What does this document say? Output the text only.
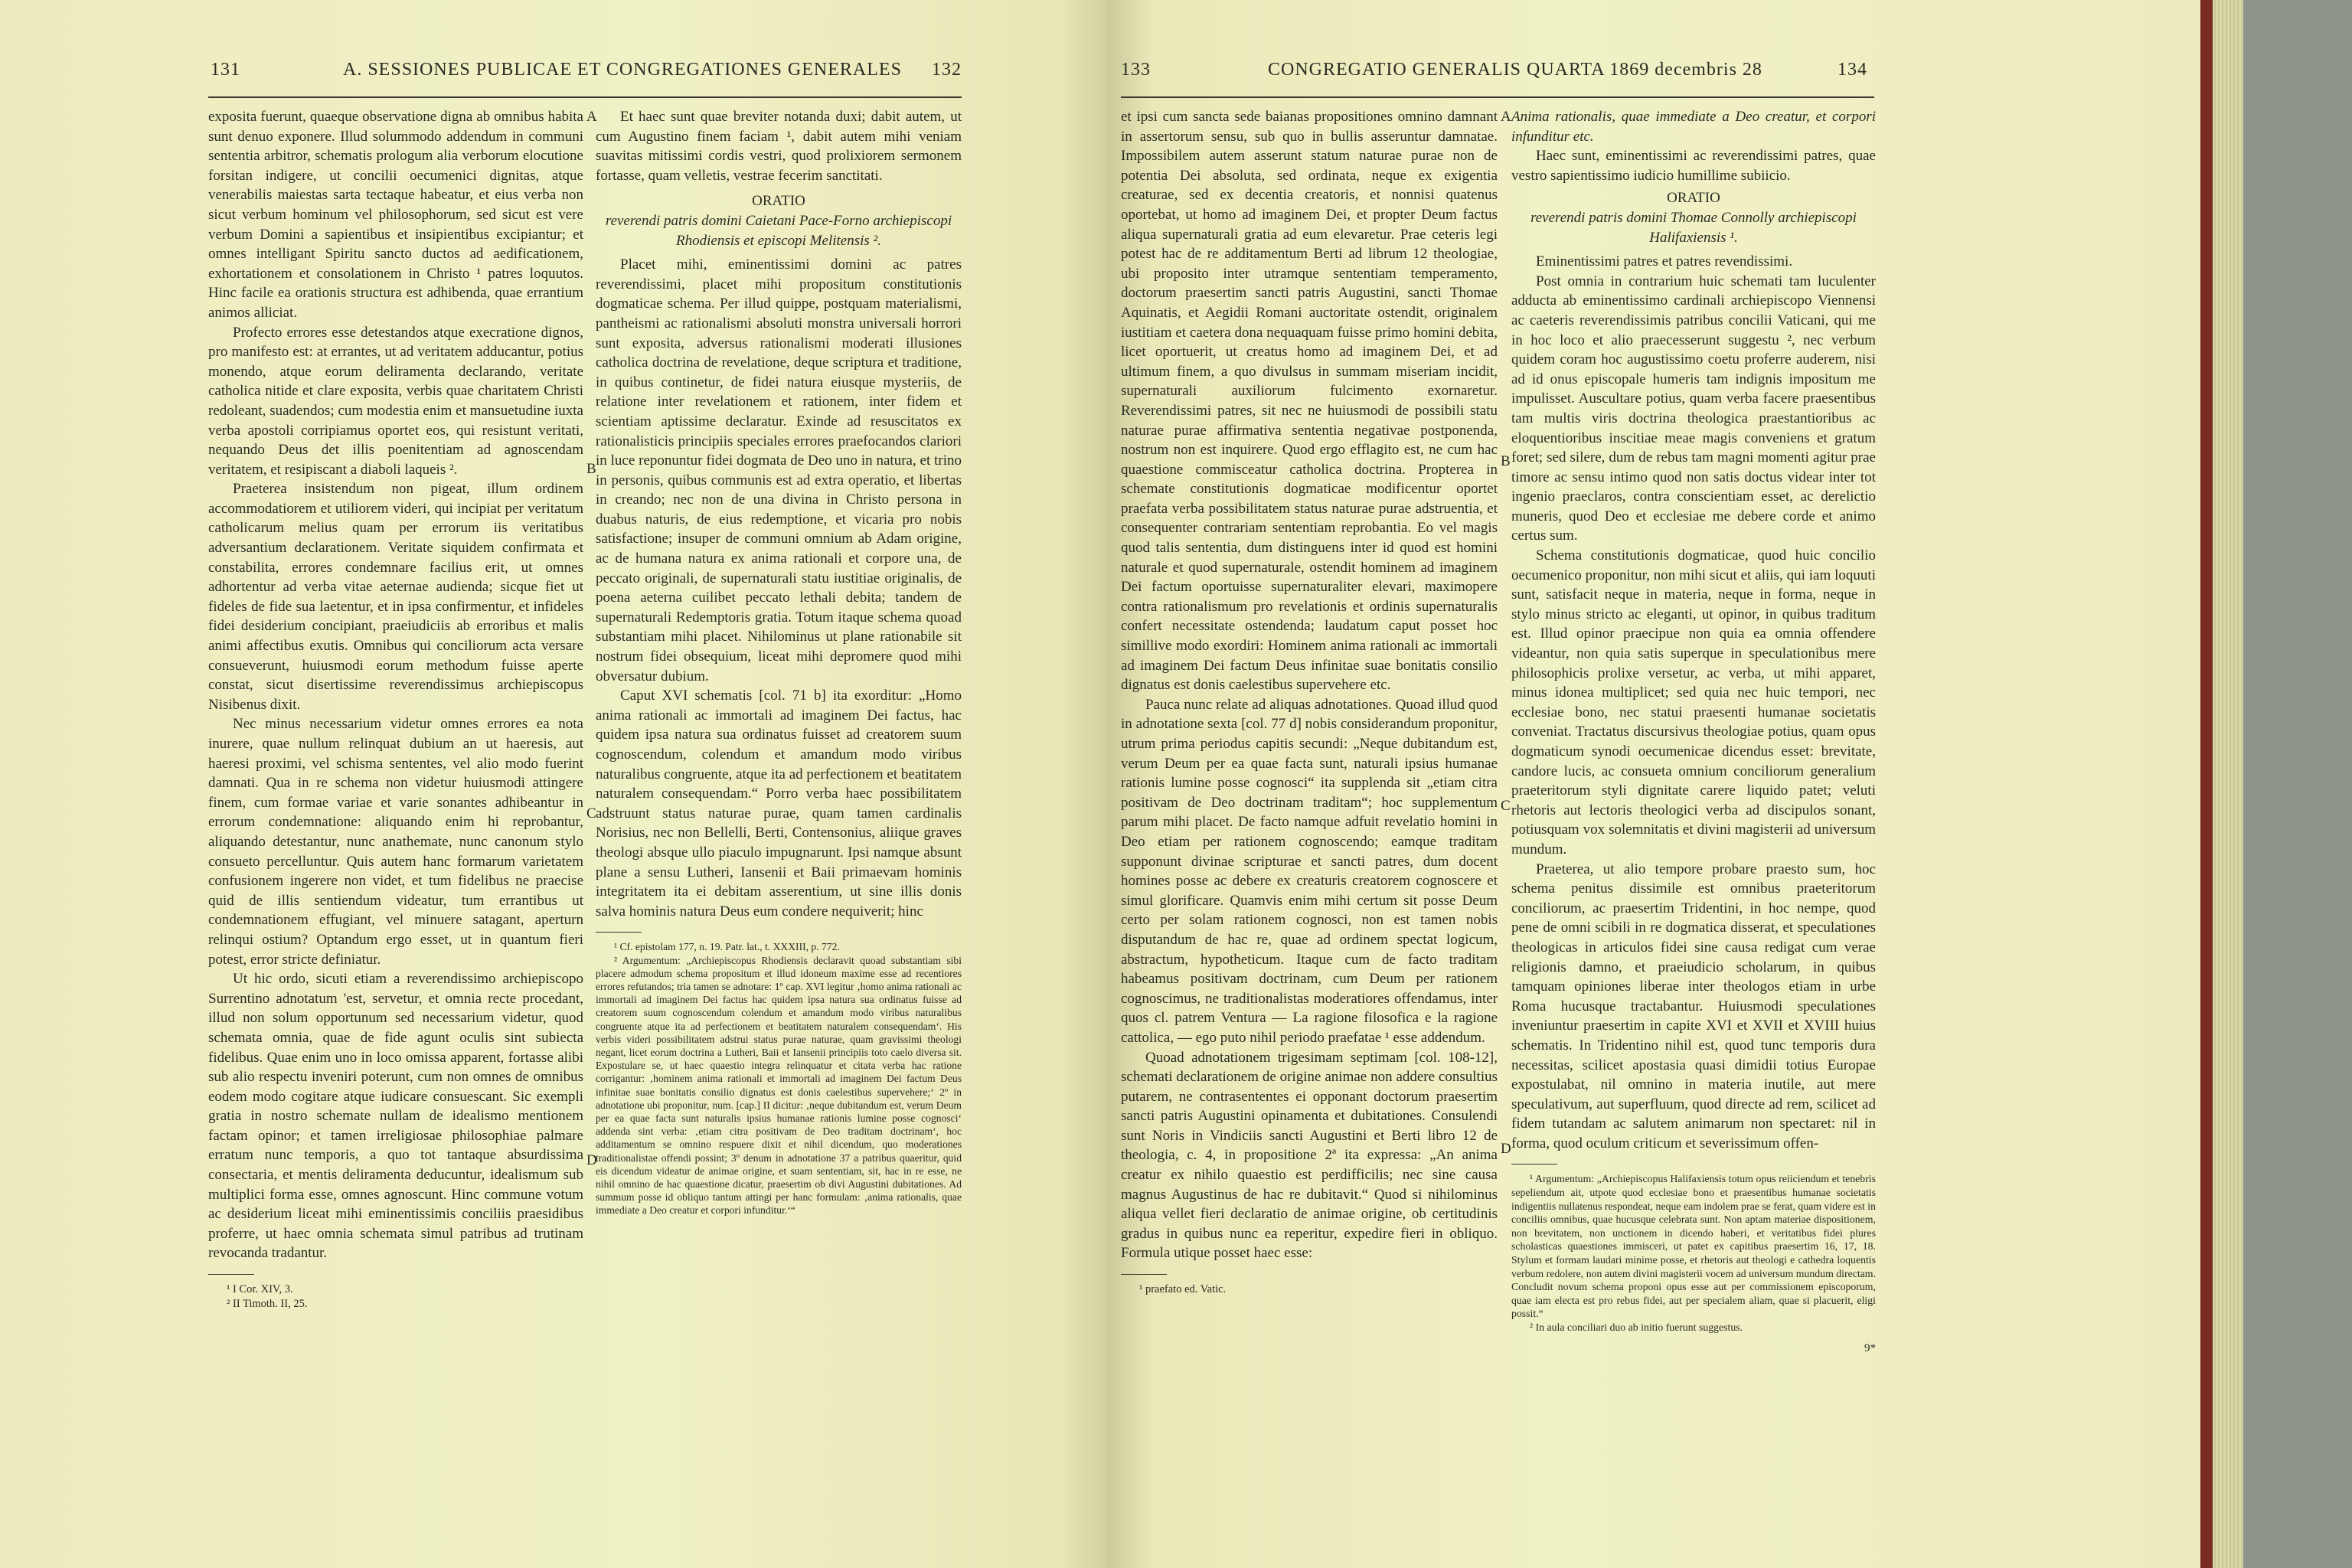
131	A. SESSIONES PUBLICAE ET CONGREGATIONES GENERALES 132

exposita fuerunt, quaeque observatione digna ab omnibus habita sunt denuo exponere. Illud solummodo addendum in communi sententia arbitror, schematis prologum alia verborum elocutione forsitan indigere, ut concilii oecumenici dignitas, atque venerabilis maiestas sarta tectaque habeatur, et eius verba non sicut verbum hominum vel philosophorum, sed sicut est vere verbum Domini a sapientibus et insipientibus excipiantur; et omnes intelligant Spiritu sancto ductos ad aedificationem, exhortationem et consolationem in Christo ¹ patres loquutos. Hinc facile ea orationis structura est adhibenda, quae errantium animos alliciat.

Profecto errores esse detestandos atque execratione dignos, pro manifesto est: at errantes, ut ad veritatem adducantur, potius monendo, atque eorum deliramenta declarando, veritate catholica nitide et clare exposita, verbis quae charitatem Christi redoleant, suadendos; cum modestia enim et mansuetudine iuxta verba apostoli corripiamus oportet eos, qui resistunt veritati, nequando Deus det illis poenitentiam ad agnoscendam veritatem, et resipiscant a diaboli laqueis ².

Praeterea insistendum non pigeat, illum ordinem accommodatiorem et utiliorem videri, qui incipiat per veritatum catholicarum melius quam per errorum iis veritatibus adversantium declarationem. Veritate siquidem confirmata et constabilita, errores condemnare facilius erit, ut omnes adhortentur ad verba vitae aeternae audienda; sicque fiet ut fideles de fide sua laetentur, et in ipsa confirmentur, et infideles fidei desiderium concipiant, praeiudiciis ab erroribus et malis animi affectibus exutis. Omnibus qui conciliorum acta versare consueverunt, huiusmodi eorum methodum fuisse aperte constat, sicut disertissime reverendissimus archiepiscopus Nisibenus dixit.

Nec minus necessarium videtur omnes errores ea nota inurere, quae nullum relinquat dubium an ut haeresis, aut haeresi proximi, vel schisma sententes, vel alio modo fuerint damnati. Qua in re schema non videtur huiusmodi attingere finem, cum formae variae et varie sonantes adhibeantur in errorum condemnatione: aliquando enim hi reprobantur, aliquando detestantur, nunc anathemate, nunc canonum stylo consueto percelluntur. Quis autem hanc formarum varietatem confusionem ingerere non videt, et tum fidelibus ne praecise quid de illis sentiendum videatur, tum errantibus ut condemnationem effugiant, vel minuere satagant, aperturn relinqui ostium? Optandum ergo esset, ut in quantum fieri potest, error stricte definiatur.

Ut hic ordo, sicuti etiam a reverendissimo archiepiscopo Surrentino adnotatum 'est, servetur, et omnia recte procedant, illud non solum opportunum sed necessarium videtur, quod schemata omnia, quae de fide agunt oculis sint subiecta fidelibus. Quae enim uno in loco omissa apparent, fortasse alibi sub alio respectu inveniri poterunt, cum non omnes de omnibus eodem modo cogitare atque iudicare consuescant. Sic exempli gratia in nostro schemate nullam de idealismo mentionem factam opinor; et tamen irreligiosae philosophiae palmare erratum nunc temporis, a quo tot tantaque absurdissima consectaria, et mentis deliramenta deducuntur, idealismum sub multiplici forma esse, omnes agnoscunt. Hinc commune votum ac desiderium liceat mihi eminentissimis conciliis praesidibus proferre, ut haec omnia schemata simul patribus ad trutinam revocanda tradantur.

¹ I Cor. XIV, 3.

² II Timoth. II, 25.

A
B
C
D

Et haec sunt quae breviter notanda duxi; dabit autem, ut cum Augustino finem faciam ¹, dabit autem mihi veniam suavitas mitissimi cordis vestri, quod prolixiorem sermonem fortasse, quam velletis, vestrae fecerim sanctitati.

ORATIO

reverendi patris domini Caietani Pace-Forno archiepiscopi Rhodiensis et episcopi Melitensis ².

Placet mihi, eminentissimi domini ac patres reverendissimi, placet mihi propositum constitutionis dogmaticae schema. Per illud quippe, postquam materialismi, pantheismi ac rationalismi absoluti monstra universali horrori sunt exposita, adversus rationalismi moderati illusiones catholica doctrina de revelatione, deque scriptura et traditione, in quibus continetur, de fidei natura eiusque mysteriis, de relatione inter revelationem et rationem, inter fidem et scientiam aptissime declaratur. Exinde ad resuscitatos ex rationalisticis principiis speciales errores praefocandos clariori in luce reponuntur fidei dogmata de Deo uno in natura, et trino in personis, quibus communis est ad extra operatio, et libertas in creando; nec non de una divina in Christo persona in duabus naturis, de eius redemptione, et vicaria pro nobis satisfactione; insuper de communi omnium ab Adam origine, ac de humana natura ex anima rationali et corpore una, de peccato originali, de supernaturali statu iustitiae originalis, de poena aeterna cuilibet peccato lethali debita; tandem de supernaturali Redemptoris gratia. Totum itaque schema quoad substantiam mihi placet. Nihilominus ut plane rationabile sit nostrum fidei obsequium, liceat mihi depromere quod mihi obversatur dubium.

Caput XVI schematis [col. 71 b] ita exorditur: „Homo anima rationali ac immortali ad imaginem Dei factus, hac quidem ipsa natura sua ordinatus fuisset ad creatorem suum cognoscendum, colendum et amandum modo viribus naturalibus congruente, atque ita ad perfectionem et beatitatem naturalem consequendam.“ Porro verba haec possibilitatem adstruunt status naturae purae, quam tamen cardinalis Norisius, nec non Bellelli, Berti, Contensonius, aliique graves theologi absque ullo piaculo impugnarunt. Ipsi namque absunt plane a sensu Lutheri, Iansenii et Baii primaevam hominis integritatem ita ei debitam asserentium, ut sine illis donis salva hominis natura Deus eum condere nequiverit; hinc

¹ Cf. epistolam 177, n. 19. Patr. lat., t. XXXIII, p. 772.

² Argumentum: „Archiepiscopus Rhodiensis declaravit quoad substantiam sibi placere admodum schema propositum et illud idoneum maxime esse ad recentiores errores refutandos; tria tamen se adnotare: 1º cap. XVI legitur ‚homo anima rationali ac immortali ad imaginem Dei factus hac quidem ipsa natura sua ordinatus fuisse ad creatorem suum cognoscendum colendum et amandum modo viribus naturalibus congruente atque ita ad perfectionem et beatitatem naturalem consequendam‘. His verbis videri possibilitatem adstrui status purae naturae, quam gravissimi theologi negant, licet eorum doctrina a Lutheri, Baii et Iansenii principiis toto caelo diversa sit. Expostulare se, ut haec quaestio integra relinquatur et citata verba hac ratione corrigantur: ‚hominem anima rationali et immortali ad imaginem Dei factum Deus infinitae suae bonitatis consilio dignatus est donis caelestibus supervehere;‘ 2º in adnotatione ubi proponitur, num. [cap.] II dicitur: ‚neque dubitandum est, verum Deum per ea quae facta sunt naturalis ipsius humanae rationis lumine posse cognosci‘ addenda sint verba: ‚etiam citra positivam de Deo traditam doctrinam‘, hoc additamentum se omnino respuere dixit et nihil dicendum, quo moderationes traditionalistae offendi possint; 3º denum in adnotatione 37 a patribus quaeritur, quid eis dicendum videatur de animae origine, et suam sententiam, sit, hac in re esse, ne nihil omnino de hac quaestione dicatur, praesertim ob divi Augustini dubitationes. Ad summum posse id obliquo tantum attingi per hanc formulam: ‚anima rationalis, quae immediate a Deo creatur et corpori infunditur.‘“

133	CONGREGATIO GENERALIS QUARTA 1869 decembris 28	134

et ipsi cum sancta sede baianas propositiones omnino damnant in assertorum sensu, sub quo in bullis asseruntur damnatae. Impossibilem autem asserunt statum naturae purae non de potentia Dei absoluta, sed ordinata, neque ex exigentia creaturae, sed ex decentia creatoris, et nonnisi quatenus oportebat, ut homo ad imaginem Dei, et propter Deum factus aliqua supernaturali gratia ad eum elevaretur. Prae ceteris legi potest hac de re additamentum Berti ad librum 12 theologiae, ubi proposito inter utramque sententiam temperamento, doctorum praesertim sancti patris Augustini, sancti Thomae Aquinatis, et Aegidii Romani auctoritate ostendit, originalem iustitiam et caetera dona nequaquam fuisse primo homini debita, licet oportuerit, ut creatus homo ad imaginem Dei, et ad ultimum finem, a quo divulsus in summam miseriam incidit, supernaturali auxiliorum fulcimento exornaretur. Reverendissimi patres, sit nec ne huiusmodi de possibili statu naturae purae affirmativa sententia negativae postponenda, nostrum non est inquirere. Quod ergo efflagito est, ne cum hac quaestione commisceatur catholica doctrina. Propterea in schemate constitutionis dogmaticae modificentur oportet praefata verba possibilitatem status naturae purae adstruentia, et consequenter contrariam sententiam reprobantia. Eo vel magis quod talis sententia, dum distinguens inter id quod est homini naturale et quod supernaturale, ostendit hominem ad imaginem Dei factum oportuisse supernaturaliter elevari, maximopere contra rationalismum pro revelationis et ordinis supernaturalis confert necessitate ostendenda; laudatum caput posset hoc simillive modo exordiri: Hominem anima rationali ac immortali ad imaginem Dei factum Deus infinitae suae bonitatis consilio dignatus est donis caelestibus supervehere etc.

Pauca nunc relate ad aliquas adnotationes. Quoad illud quod in adnotatione sexta [col. 77 d] nobis considerandum proponitur, utrum prima periodus capitis secundi: „Neque dubitandum est, verum Deum per ea quae facta sunt, naturali ipsius humanae rationis lumine posse cognosci“ ita supplenda sit „etiam citra positivam de Deo doctrinam traditam“; hoc supplementum parum mihi placet. De facto namque adfuit revelatio homini in Deo etiam per rationem cognoscendo; eamque traditam supponunt divinae scripturae et sancti patres, dum docent homines posse ac debere ex creaturis creatorem cognoscere et simul glorificare. Quamvis enim mihi certum sit posse Deum certo per solam rationem cognosci, non est tamen nobis disputandum de hac re, quae ad ordinem spectat logicum, abstractum, hypotheticum. Itaque cum de facto traditam habeamus positivam doctrinam, cum Deum per rationem cognoscimus, ne traditionalistas moderatiores offendamus, inter quos cl. patrem Ventura — La ragione filosofica e la ragione cattolica, — ego puto nihil periodo praefatae ¹ esse addendum.

Quoad adnotationem trigesimam septimam [col. 108-12], schemati declarationem de origine animae non addere consultius putarem, ne contrasententes ei opponant doctorum praesertim sancti patris Augustini opinamenta et dubitationes. Consulendi sunt Noris in Vindiciis sancti Augustini et Berti libro 12 de theologia, c. 4, in propositione 2ª ita expressa: „An anima creatur ex nihilo quaestio est perdifficilis; nec sine causa magnus Augustinus de hac re dubitavit.“ Quod si nihilominus aliqua vellet fieri declaratio de animae origine, ob certitudinis gradus in quibus nunc ea reperitur, expedire fieri in obliquo. Formula utique posset haec esse:

¹ praefato ed. Vatic.

A
B
C
D

Anima rationalis, quae immediate a Deo creatur, et corpori infunditur etc.

Haec sunt, eminentissimi ac reverendissimi patres, quae vestro sapientissimo iudicio humillime subiicio.

ORATIO

reverendi patris domini Thomae Connolly archiepiscopi Halifaxiensis ¹.

Eminentissimi patres et patres revendissimi.

Post omnia in contrarium huic schemati tam luculenter adducta ab eminentissimo cardinali archiepiscopo Viennensi ac caeteris reverendissimis patribus concilii Vaticani, qui me in hoc loco et alio praecesserunt suggestu ², nec verbum quidem coram hoc augustissimo coetu proferre auderem, nisi ad id onus episcopale humeris tam indignis impositum me impulisset. Auscultare potius, quam verba facere praesentibus tam multis viris doctrina theologica praestantioribus ac eloquentioribus inscitiae meae magis conveniens et gratum foret; sed silere, dum de rebus tam magni momenti agitur prae timore ac sensu intimo quod non satis doctus videar inter tot ingenio praeclaros, contra conscientiam esset, ac derelictio muneris, quod Deo et ecclesiae me debere corde et animo certus sum.

Schema constitutionis dogmaticae, quod huic concilio oecumenico proponitur, non mihi sicut et aliis, qui iam loquuti sunt, satisfacit neque in materia, neque in forma, neque in stylo minus stricto ac eleganti, ut opinor, in quibus traditum est. Illud opinor praecipue non quia ea omnia offendere videantur, non quia satis superque in speculationibus mere philosophicis prolixe versetur, ac verba, ut mihi apparet, minus idonea multiplicet; sed quia nec huic tempori, nec ecclesiae bono, nec statui praesenti humanae societatis conveniat. Tractatus discursivus theologiae potius, quam opus dogmaticum synodi oecumenicae dicendus esset: brevitate, candore lucis, ac consueta omnium conciliorum generalium praeteritorum styli dignitate carere liquido patet; veluti rhetoris aut lectoris theologici verba ad discipulos sonant, potiusquam vox solemnitatis et divini magisterii ad universum mundum.

Praeterea, ut alio tempore probare praesto sum, hoc schema penitus dissimile est omnibus praeteritorum conciliorum, ac praesertim Tridentini, in hoc nempe, quod pene de omni scibili in re dogmatica disserat, et speculationes theologicas in articulos fidei sine causa redigat cum verae religionis damno, et praeiudicio scholarum, in quibus tamquam opiniones liberae inter theologos etiam in urbe Roma hucusque tractabantur. Huiusmodi speculationes inveniuntur praesertim in capite XVI et XVII et XVIII huius schematis. In Tridentino nihil est, quod tunc temporis dura necessitas, scilicet apostasia quasi dimidii totius Europae expostulabat, nil omnino in materia inutile, aut mere speculativum, aut superfluum, quod directe ad rem, scilicet ad fidem tutandam ac salutem animarum non spectaret: nil in forma, quod oculum criticum et severissimum offen-

¹ Argumentum: „Archiepiscopus Halifaxiensis totum opus reiiciendum et tenebris sepeliendum ait, utpote quod ecclesiae bono et praesentibus humanae societatis indigentiis nullatenus respondeat, neque eam indolem prae se ferat, quam videre est in conciliis omnibus, quae hucusque celebrata sunt. Non aptam materiae dispositionem, non brevitatem, non unctionem in dicendo haberi, et veritatibus fidei plures scholasticas quaestiones immisceri, ut patet ex capitibus praesertim 16, 17, 18. Stylum et formam laudari minime posse, et rhetoris aut theologi e cathedra loquentis verbum redolere, non autem divini magisterii vocem ad universum mundum directam. Concludit novum schema proponi opus esse aut per commissionem episcoporum, quae iam electa est pro rebus fidei, aut per specialem aliam, quae si placuerit, eligi possit.“

² In aula conciliari duo ab initio fuerunt suggestus.

9*
